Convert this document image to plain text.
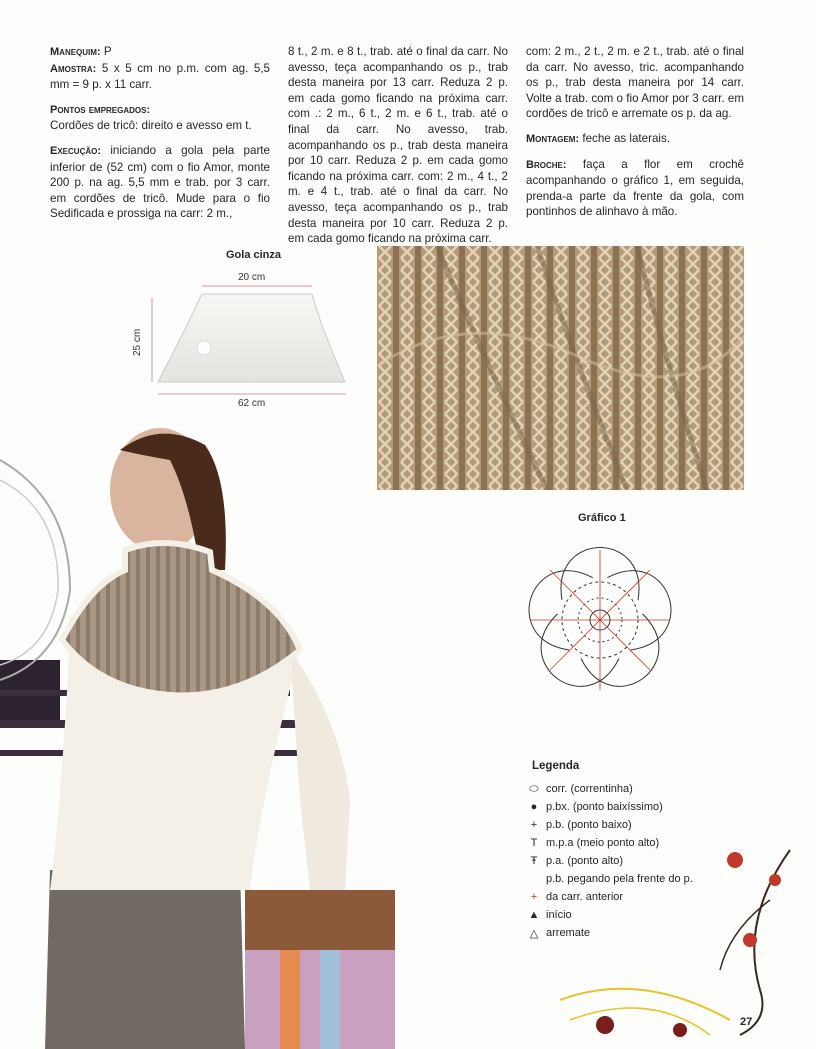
Manequim: P
Amostra: 5 x 5 cm no p.m. com ag. 5,5 mm = 9 p. x 11 carr.

Pontos empregados:
Cordões de tricô: direito e avesso em t.

Execução: iniciando a gola pela parte inferior de (52 cm) com o fio Amor, monte 200 p. na ag. 5,5 mm e trab. por 3 carr. em cordões de tricô. Mude para o fio Sedificada e prossiga na carr: 2 m.,

8 t., 2 m. e 8 t., trab. até o final da carr. No avesso, teça acompanhando os p., trab desta maneira por 13 carr. Reduza 2 p. em cada gomo ficando na próxima carr. com .: 2 m., 6 t., 2 m. e 6 t., trab. até o final da carr. No avesso, trab. acompanhando os p., trab desta maneira por 10 carr. Reduza 2 p. em cada gomo ficando na próxima carr. com: 2 m., 4 t., 2 m. e 4 t., trab. até o final da carr. No avesso, teça acompanhando os p., trab desta maneira por 10 carr. Reduza 2 p. em cada gomo ficando na próxima carr.

com: 2 m., 2 t., 2 m. e 2 t., trab. até o final da carr. No avesso, tric. acompanhando os p., trab desta maneira por 14 carr. Volte a trab. com o fio Amor por 3 carr. em cordões de tricô e arremate os p. da ag.

Montagem: feche as laterais.

Broche: faça a flor em crochê acompanhando o gráfico 1, em seguida, prenda-a parte da frente da gola, com pontinhos de alinhavo à mão.

Gola cinza
20 cm
25 cm
62 cm
Gráfico 1
Legenda
⬭ corr. (correntinha)
● p.bx. (ponto baixíssimo)
+ p.b. (ponto baixo)
T m.p.a (meio ponto alto)
Ŧ p.a. (ponto alto)
p.b. pegando pela frente do p.
+ da carr. anterior
▲ início
△ arremate
27
